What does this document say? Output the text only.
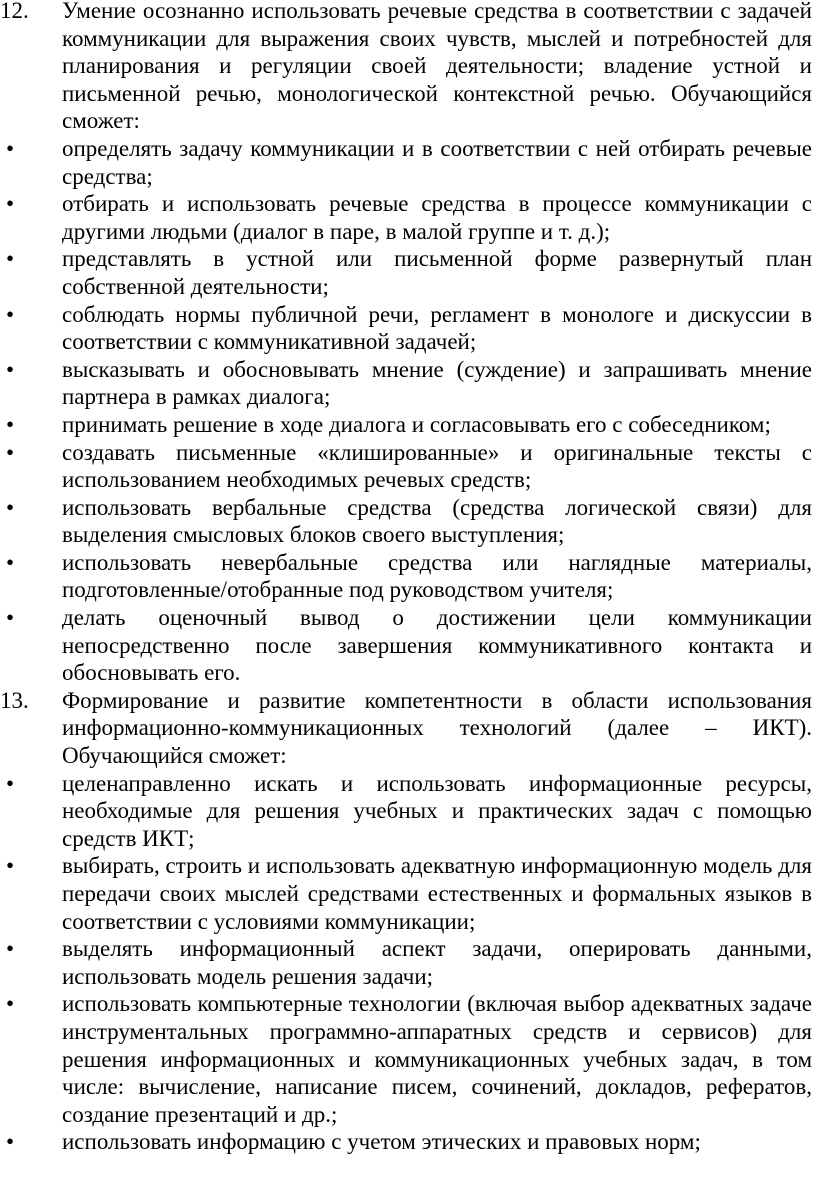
12. Умение осознанно использовать речевые средства в соответствии с задачей коммуникации для выражения своих чувств, мыслей и потребностей для планирования и регуляции своей деятельности; владение устной и письменной речью, монологической контекстной речью. Обучающийся сможет:
• определять задачу коммуникации и в соответствии с ней отбирать речевые средства;
• отбирать и использовать речевые средства в процессе коммуникации с другими людьми (диалог в паре, в малой группе и т. д.);
• представлять в устной или письменной форме развернутый план собственной деятельности;
• соблюдать нормы публичной речи, регламент в монологе и дискуссии в соответствии с коммуникативной задачей;
• высказывать и обосновывать мнение (суждение) и запрашивать мнение партнера в рамках диалога;
• принимать решение в ходе диалога и согласовывать его с собеседником;
• создавать письменные «клишированные» и оригинальные тексты с использованием необходимых речевых средств;
• использовать вербальные средства (средства логической связи) для выделения смысловых блоков своего выступления;
• использовать невербальные средства или наглядные материалы, подготовленные/отобранные под руководством учителя;
• делать оценочный вывод о достижении цели коммуникации непосредственно после завершения коммуникативного контакта и обосновывать его.
13. Формирование и развитие компетентности в области использования информационно-коммуникационных технологий (далее – ИКТ). Обучающийся сможет:
• целенаправленно искать и использовать информационные ресурсы, необходимые для решения учебных и практических задач с помощью средств ИКТ;
• выбирать, строить и использовать адекватную информационную модель для передачи своих мыслей средствами естественных и формальных языков в соответствии с условиями коммуникации;
• выделять информационный аспект задачи, оперировать данными, использовать модель решения задачи;
• использовать компьютерные технологии (включая выбор адекватных задаче инструментальных программно-аппаратных средств и сервисов) для решения информационных и коммуникационных учебных задач, в том числе: вычисление, написание писем, сочинений, докладов, рефератов, создание презентаций и др.;
• использовать информацию с учетом этических и правовых норм;
